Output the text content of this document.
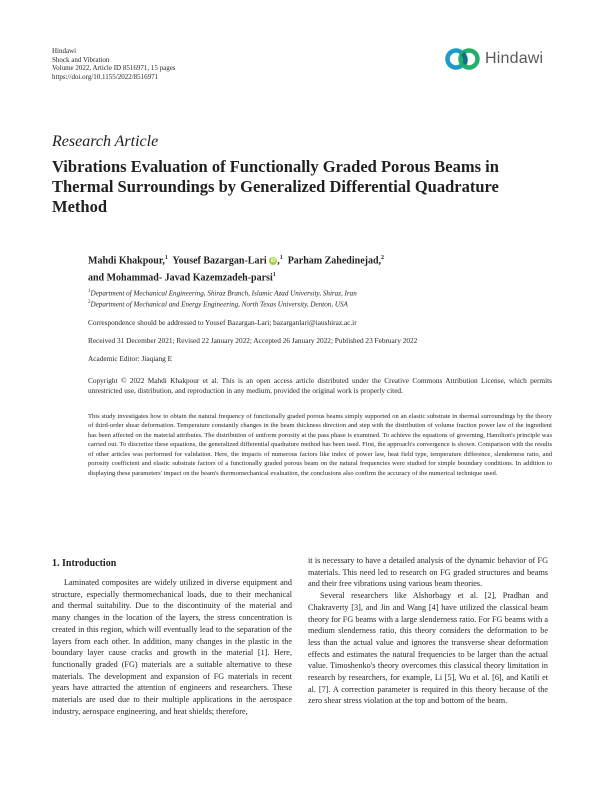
Hindawi
Shock and Vibration
Volume 2022, Article ID 8516971, 15 pages
https://doi.org/10.1155/2022/8516971
Hindawi
Research Article
Vibrations Evaluation of Functionally Graded Porous Beams in Thermal Surroundings by Generalized Differential Quadrature Method
Mahdi Khakpour,$^1$ Yousef Bazargan-Lari iD ,$^1$ Parham Zahedinejad,$^2$
and Mohammad- Javad Kazemzadeh-parsi$^1$
$^1$Department of Mechanical Engineering, Shiraz Branch, Islamic Azad University, Shiraz, Iran
$^2$Department of Mechanical and Energy Engineering, North Texas University, Denton, USA
Correspondence should be addressed to Yousef Bazargan-Lari; bazarganlari@iaushiraz.ac.ir
Received 31 December 2021; Revised 22 January 2022; Accepted 26 January 2022; Published 23 February 2022
Academic Editor: Jiaqiang E

Copyright © 2022 Mahdi Khakpour et al. This is an open access article distributed under the Creative Commons Attribution License, which permits unrestricted use, distribution, and reproduction in any medium, provided the original work is properly cited.

This study investigates how to obtain the natural frequency of functionally graded porous beams simply supported on an elastic substrate in thermal surroundings by the theory of third-order shear deformation. Temperature constantly changes in the beam thickness direction and step with the distribution of volume fraction power law of the ingredient has been affected on the material attributes. The distribution of uniform porosity at the pass phase is examined. To achieve the equations of governing, Hamilton's principle was carried out. To discretize these equations, the generalized differential quadrature method has been used. First, the approach's convergence is shown. Comparison with the results of other articles was performed for validation. Here, the impacts of numerous factors like index of power law, heat field type, temperature difference, slenderness ratio, and porosity coefficient and elastic substrate factors of a functionally graded porous beam on the natural frequencies were studied for simple boundary conditions. In addition to displaying these parameters' impact on the beam's thermomechanical evaluation, the conclusions also confirm the accuracy of the numerical technique used.

1. Introduction

Laminated composites are widely utilized in diverse equipment and structure, especially thermomechanical loads, due to their mechanical and thermal suitability. Due to the discontinuity of the material and many changes in the location of the layers, the stress concentration is created in this region, which will eventually lead to the separation of the layers from each other. In addition, many changes in the plastic in the boundary layer cause cracks and growth in the material [1]. Here, functionally graded (FG) materials are a suitable alternative to these materials. The development and expansion of FG materials in recent years have attracted the attention of engineers and researchers. These materials are used due to their multiple applications in the aerospace industry, aerospace engineering, and heat shields; therefore,

it is necessary to have a detailed analysis of the dynamic behavior of FG materials. This need led to research on FG graded structures and beams and their free vibrations using various beam theories.

Several researchers like Alshorbagy et al. [2], Pradhan and Chakraverty [3], and Jin and Wang [4] have utilized the classical beam theory for FG beams with a large slenderness ratio. For FG beams with a medium slenderness ratio, this theory considers the deformation to be less than the actual value and ignores the transverse shear deformation effects and estimates the natural frequencies to be larger than the actual value. Timoshenko's theory overcomes this classical theory limitation in research by researchers, for example, Li [5], Wu et al. [6], and Katili et al. [7]. A correction parameter is required in this theory because of the zero shear stress violation at the top and bottom of the beam.
